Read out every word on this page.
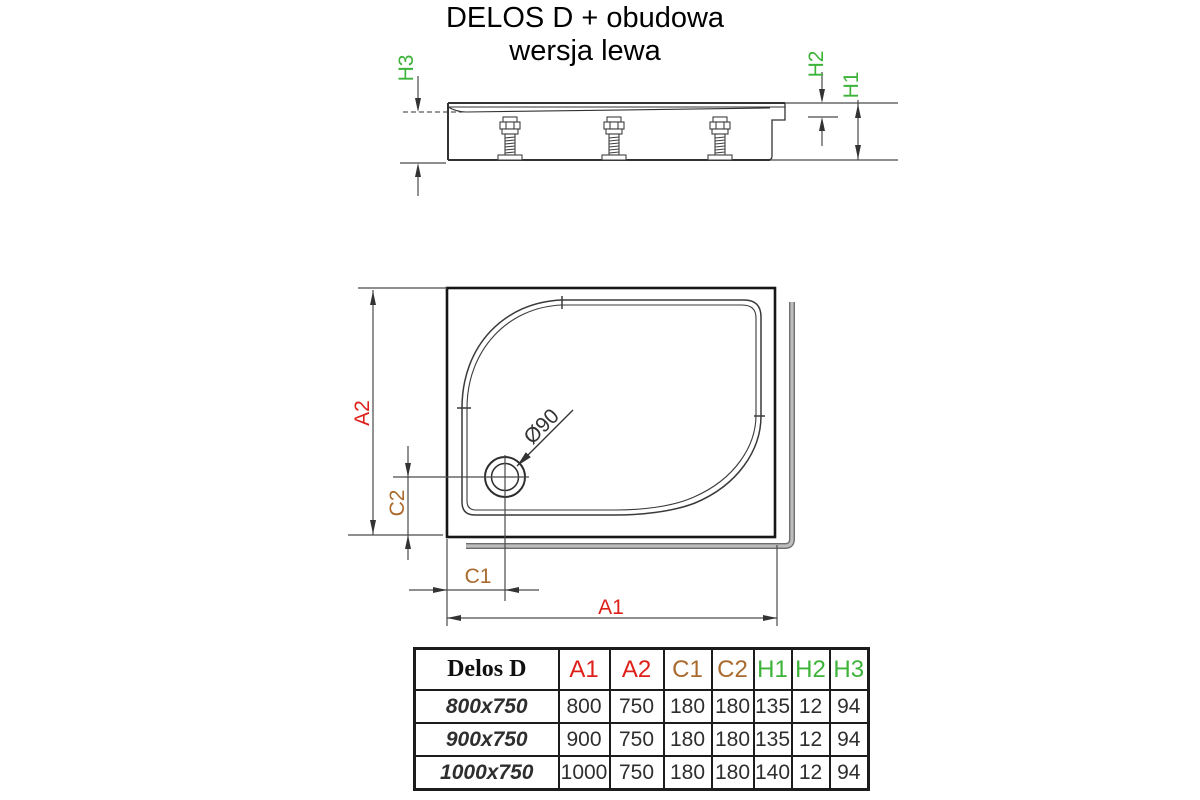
DELOS D + obudowa
wersja lewa
H3	H2
H1
A2
C2
C1
A1
Ø90
Delos D	A1	A2	C1	C2	H1	H2	H3
800x750	800	750	180	180	135	12	94
900x750	900	750	180	180	135	12	94
1000x750	1000	750	180	180	140	12	94
